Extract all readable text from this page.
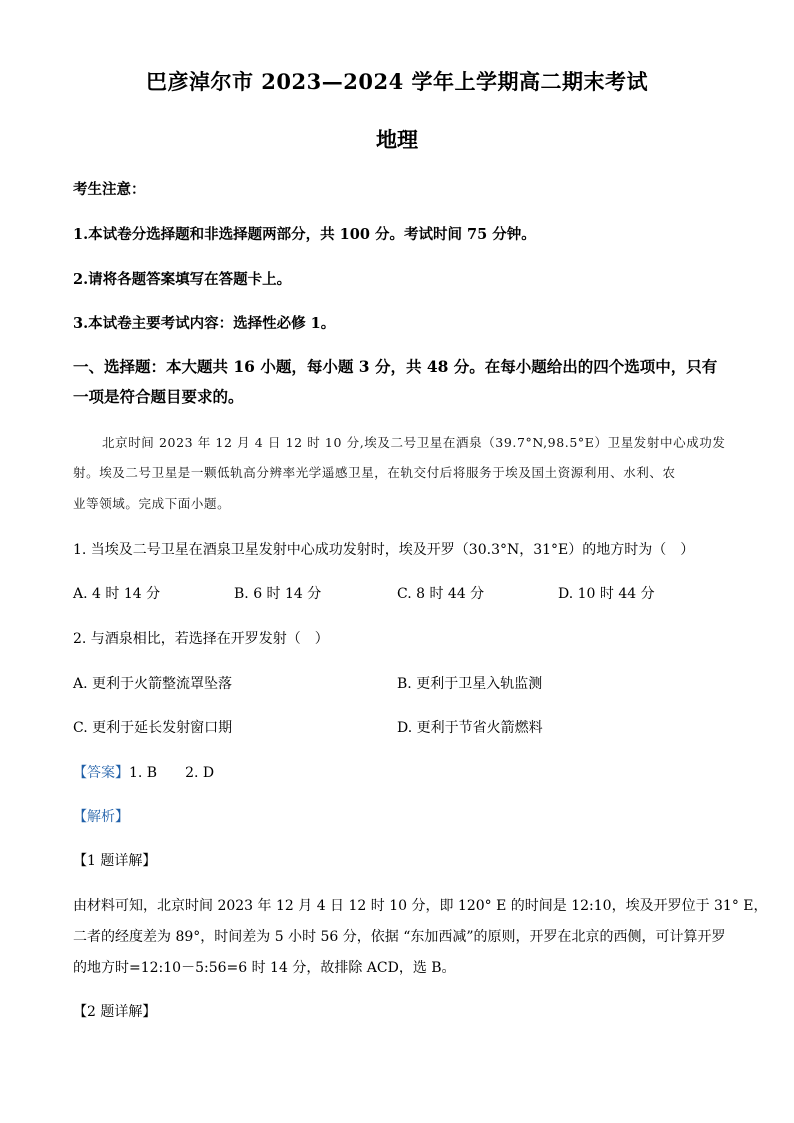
巴彦淖尔市 2023—2024 学年上学期高二期末考试
地理
考生注意：
1.本试卷分选择题和非选择题两部分，共 100 分。考试时间 75 分钟。
2.请将各题答案填写在答题卡上。
3.本试卷主要考试内容：选择性必修 1。
一、选择题：本大题共 16 小题，每小题 3 分，共 48 分。在每小题给出的四个选项中，只有
一项是符合题目要求的。
北京时间 2023 年 12 月 4 日 12 时 10 分,埃及二号卫星在酒泉（39.7°N,98.5°E）卫星发射中心成功发
射。埃及二号卫星是一颗低轨高分辨率光学遥感卫星，在轨交付后将服务于埃及国土资源利用、水利、农
业等领域。完成下面小题。
1. 当埃及二号卫星在酒泉卫星发射中心成功发射时，埃及开罗（30.3°N，31°E）的地方时为（　）
A. 4 时 14 分	B. 6 时 14 分	C. 8 时 44 分	D. 10 时 44 分
2. 与酒泉相比，若选择在开罗发射（　）
A. 更利于火箭整流罩坠落	B. 更利于卫星入轨监测
C. 更利于延长发射窗口期	D. 更利于节省火箭燃料
【答案】1. B　　2. D
【解析】
【1 题详解】
由材料可知，北京时间 2023 年 12 月 4 日 12 时 10 分，即 120° E 的时间是 12:10，埃及开罗位于 31° E，
二者的经度差为 89°，时间差为 5 小时 56 分，依据 “东加西减”的原则，开罗在北京的西侧，可计算开罗
的地方时=12:10－5:56=6 时 14 分，故排除 ACD，选 B。
【2 题详解】
